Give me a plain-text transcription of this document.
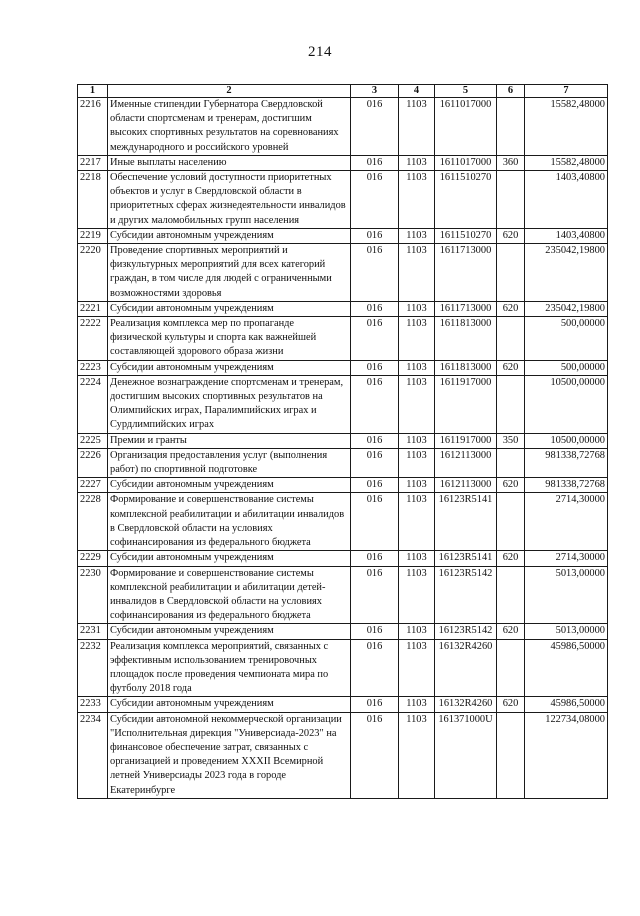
214
1	2	3	4	5	6	7
2216	Именные стипендии Губернатора Свердловской области спортсменам и тренерам, достигшим высоких спортивных результатов на соревнованиях международного и российского уровней	016	1103	1611017000		15582,48000
2217	Иные выплаты населению	016	1103	1611017000	360	15582,48000
2218	Обеспечение условий доступности приоритетных объектов и услуг в Свердловской области в приоритетных сферах жизнедеятельности инвалидов и других маломобильных групп населения	016	1103	1611510270		1403,40800
2219	Субсидии автономным учреждениям	016	1103	1611510270	620	1403,40800
2220	Проведение спортивных мероприятий и физкультурных мероприятий для всех категорий граждан, в том числе для людей с ограниченными возможностями здоровья	016	1103	1611713000		235042,19800
2221	Субсидии автономным учреждениям	016	1103	1611713000	620	235042,19800
2222	Реализация комплекса мер по пропаганде физической культуры и спорта как важнейшей составляющей здорового образа жизни	016	1103	1611813000		500,00000
2223	Субсидии автономным учреждениям	016	1103	1611813000	620	500,00000
2224	Денежное вознаграждение спортсменам и тренерам, достигшим высоких спортивных результатов на Олимпийских играх, Паралимпийских играх и Сурдлимпийских играх	016	1103	1611917000		10500,00000
2225	Премии и гранты	016	1103	1611917000	350	10500,00000
2226	Организация предоставления услуг (выполнения работ) по спортивной подготовке	016	1103	1612113000		981338,72768
2227	Субсидии автономным учреждениям	016	1103	1612113000	620	981338,72768
2228	Формирование и совершенствование системы комплексной реабилитации и абилитации инвалидов в Свердловской области на условиях софинансирования из федерального бюджета	016	1103	16123R5141		2714,30000
2229	Субсидии автономным учреждениям	016	1103	16123R5141	620	2714,30000
2230	Формирование и совершенствование системы комплексной реабилитации и абилитации детей-инвалидов в Свердловской области на условиях софинансирования из федерального бюджета	016	1103	16123R5142		5013,00000
2231	Субсидии автономным учреждениям	016	1103	16123R5142	620	5013,00000
2232	Реализация комплекса мероприятий, связанных с эффективным использованием тренировочных площадок после проведения чемпионата мира по футболу 2018 года	016	1103	16132R4260		45986,50000
2233	Субсидии автономным учреждениям	016	1103	16132R4260	620	45986,50000
2234	Субсидии автономной некоммерческой организации "Исполнительная дирекция "Универсиада-2023" на финансовое обеспечение затрат, связанных с организацией и проведением XXXII Всемирной летней Универсиады 2023 года в городе Екатеринбурге	016	1103	161371000U		122734,08000
